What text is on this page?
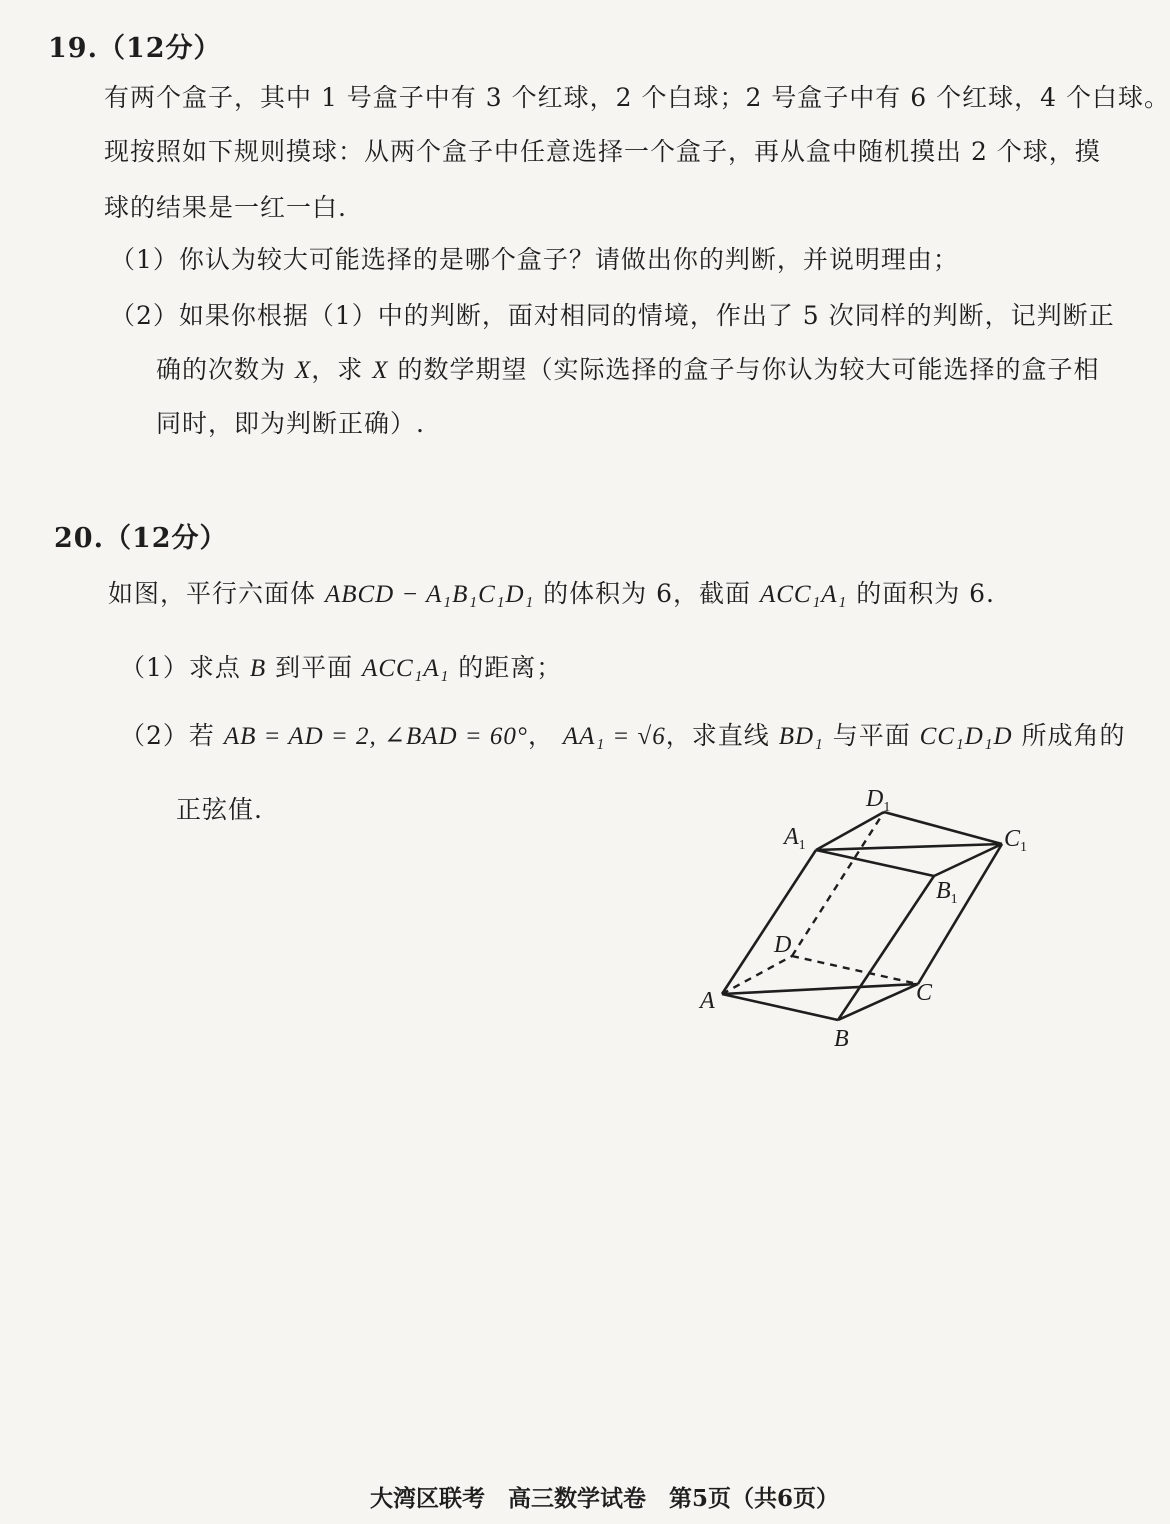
19.（12分）
有两个盒子，其中 1 号盒子中有 3 个红球，2 个白球；2 号盒子中有 6 个红球，4 个白球。
现按照如下规则摸球：从两个盒子中任意选择一个盒子，再从盒中随机摸出 2 个球，摸
球的结果是一红一白.
（1）你认为较大可能选择的是哪个盒子？请做出你的判断，并说明理由；
（2）如果你根据（1）中的判断，面对相同的情境，作出了 5 次同样的判断，记判断正
确的次数为 X，求 X 的数学期望（实际选择的盒子与你认为较大可能选择的盒子相
同时，即为判断正确）.
20.（12分）
如图，平行六面体 ABCD − A₁B₁C₁D₁ 的体积为 6，截面 ACC₁A₁ 的面积为 6.
（1）求点 B 到平面 ACC₁A₁ 的距离；
（2）若 AB = AD = 2, ∠BAD = 60°， AA₁ = √6，求直线 BD₁ 与平面 CC₁D₁D 所成角的
正弦值.
A
B
C
D
$A_1$
$B_1$
$C_1$
$D_1$
大湾区联考　高三数学试卷　第5页（共6页）
